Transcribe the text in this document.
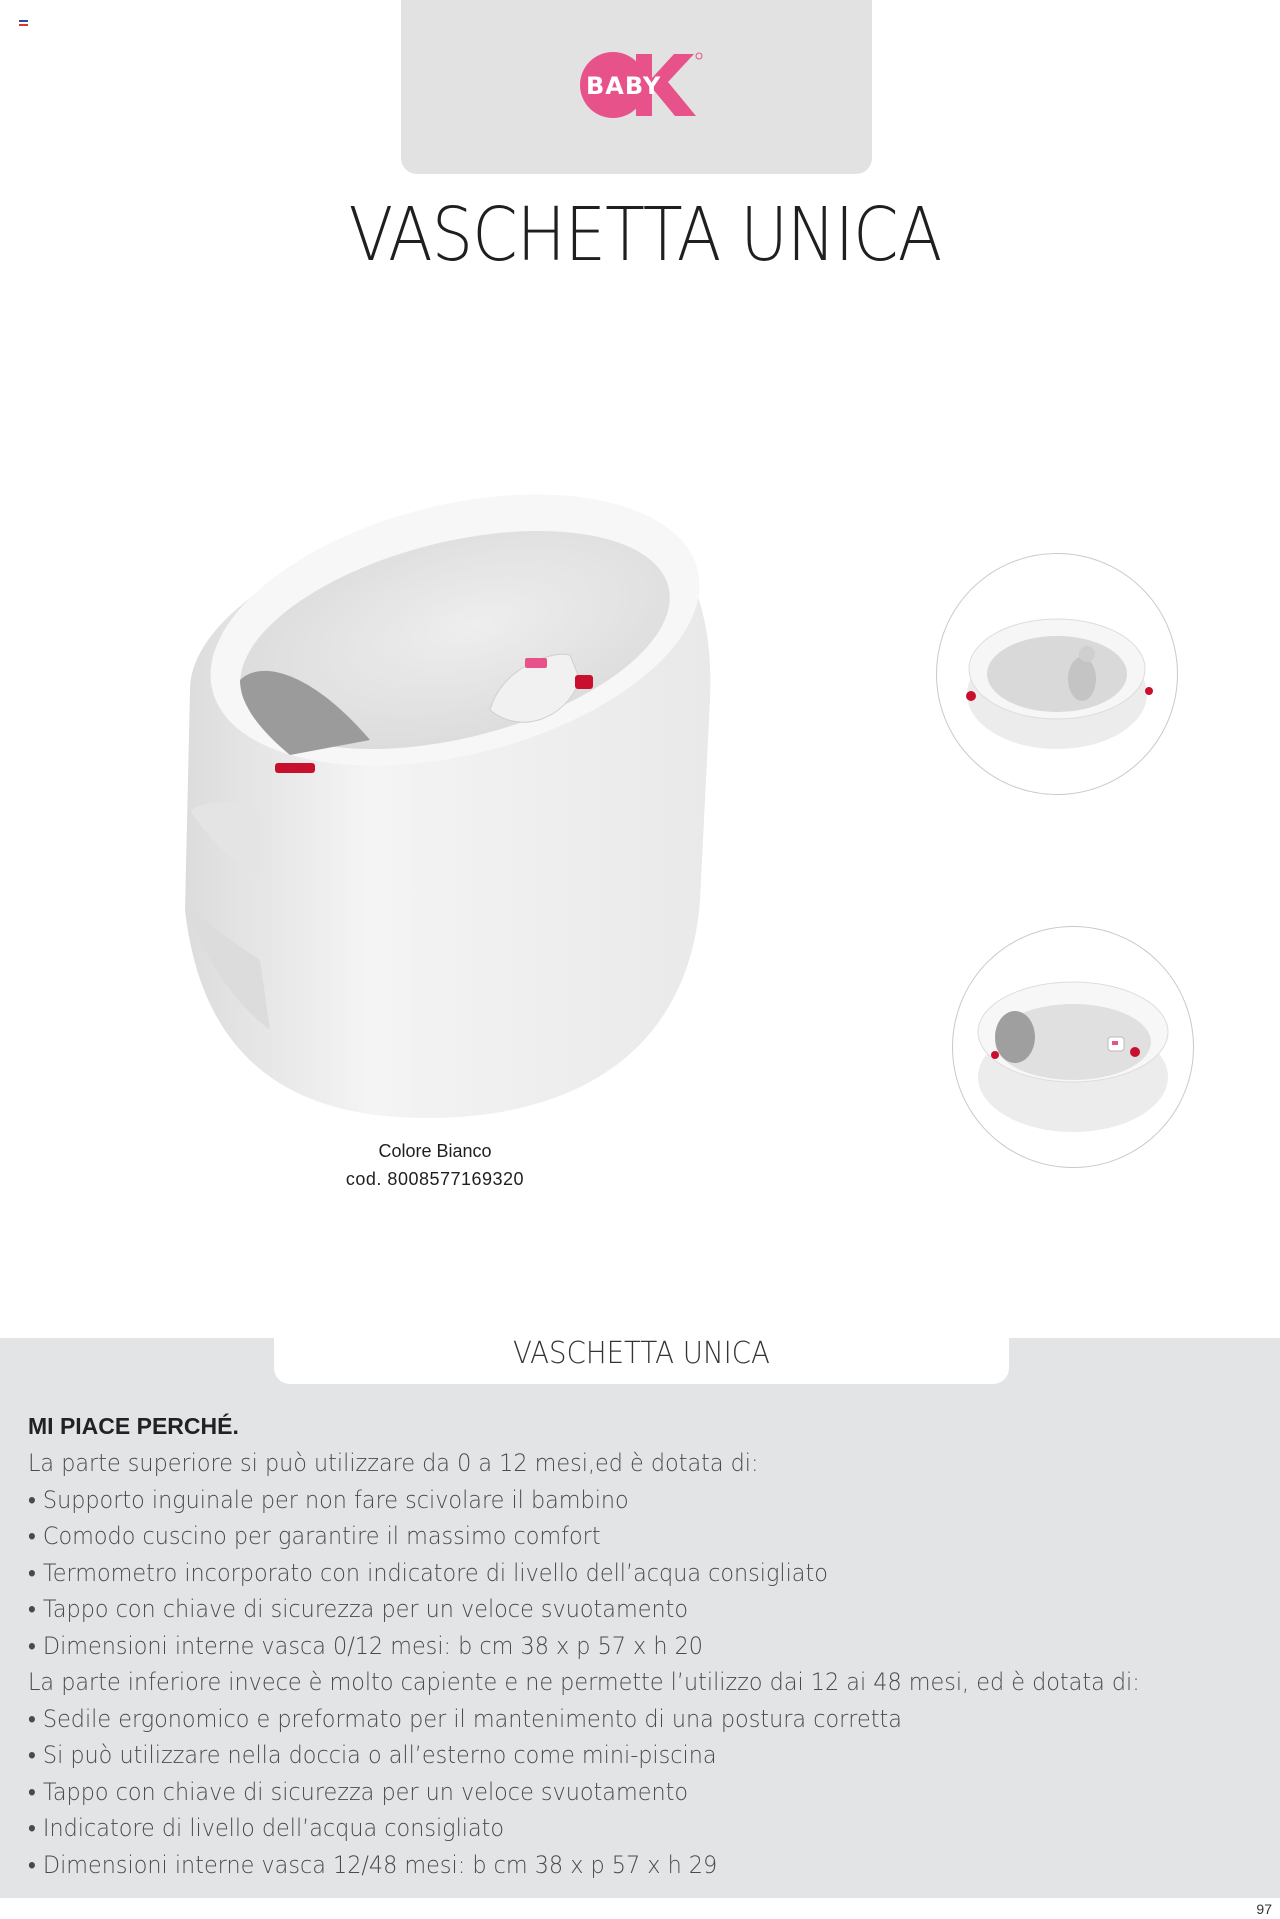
BABY
VASCHETTA UNICA
Colore Bianco
cod. 8008577169320
VASCHETTA UNICA
MI PIACE PERCHÉ.
La parte superiore si può utilizzare da 0 a 12 mesi,ed è dotata di:
• Supporto inguinale per non fare scivolare il bambino
• Comodo cuscino per garantire il massimo comfort
• Termometro incorporato con indicatore di livello dell’acqua consigliato
• Tappo con chiave di sicurezza per un veloce svuotamento
• Dimensioni interne vasca 0/12 mesi: b cm 38 x p 57 x h 20
La parte inferiore invece è molto capiente e ne permette l’utilizzo dai 12 ai 48 mesi, ed è dotata di:
• Sedile ergonomico e preformato per il mantenimento di una postura corretta
• Si può utilizzare nella doccia o all’esterno come mini-piscina
• Tappo con chiave di sicurezza per un veloce svuotamento
• Indicatore di livello dell’acqua consigliato
• Dimensioni interne vasca 12/48 mesi: b cm 38 x p 57 x h 29
97
